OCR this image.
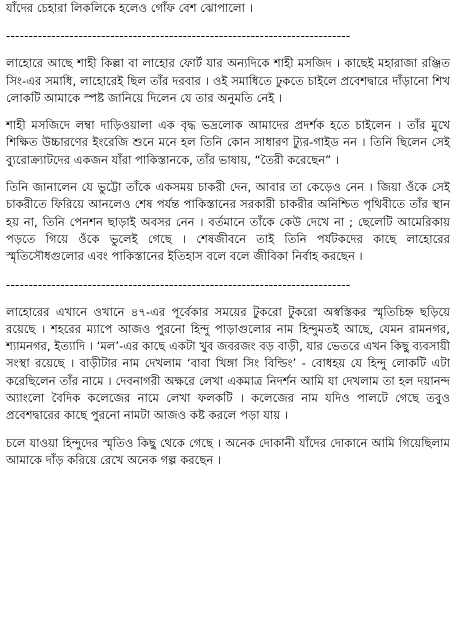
যাঁদের চেহারা লিকলিকে হলেও গোঁফ বেশ ঝোপালো ।

----------------------------------------------------------------------------

লাহোরে আছে শাহী কিল্লা বা লাহোর ফোর্ট যার অন্যদিকে শাহী মসজিদ । কাছেই মহারাজা রঞ্জিত সিং-এর সমাধি, লাহোরেই ছিল তাঁর দরবার । ওই সমাধিতে ঢুকতে চাইলে প্রবেশদ্বারে দাঁড়ানো শিখ লোকটি আমাকে স্পষ্ট জানিয়ে দিলেন যে তার অনুমতি নেই ।

শাহী মসজিদে লম্বা দাড়িওয়ালা এক বৃদ্ধ ভদ্রলোক আমাদের প্রদর্শক হতে চাইলেন । তাঁর মুখে শিক্ষিত উচ্চারণের ইংরেজি শুনে মনে হল তিনি কোন সাধারণ ট্যুর-গাইড নন । তিনি ছিলেন সেই ব্যুরোক্র্যাটদের একজন যাঁরা পাকিস্তানকে, তাঁর ভাষায়, “তৈরী করেছেন” ।

তিনি জানালেন যে ভুট্টো তাঁকে একসময় চাকরী দেন, আবার তা কেড়েও নেন । জিয়া ওঁকে সেই চাকরীতে ফিরিয়ে আনলেও শেষ পর্যন্ত পাকিস্তানের সরকারী চাকরীর অনিশ্চিত পৃথিবীতে তাঁর স্থান হয় না, তিনি পেনশন ছাড়াই অবসর নেন । বর্তমানে তাঁকে কেউ দেখে না ; ছেলেটি আমেরিকায় পড়তে গিয়ে ওঁকে ভুলেই গেছে । শেষজীবনে তাই তিনি পর্যটকদের কাছে লাহোরের স্মৃতিসৌধগুলোর এবং পাকিস্তানের ইতিহাস বলে বলে জীবিকা নির্বাহ করছেন ।

----------------------------------------------------------------------------

লাহোরের এখানে ওখানে ৪৭-এর পূর্বেকার সময়ের টুকরো টুকরো অস্বস্তিকর স্মৃতিচিহ্ন ছড়িয়ে রয়েছে । শহরের ম্যাপে আজও পুরনো হিন্দু পাড়াগুলোর নাম হিন্দুমতই আছে, যেমন রামনগর, শ্যামনগর, ইত্যাদি । ‘মল’-এর কাছে একটা খুব জবরজং বড় বাড়ী, যার ভেতরে এখন কিছু ব্যবসায়ী সংস্থা রয়েছে । বাড়ীটার নাম দেখলাম ‘বাবা খিঙ্গা সিং বিল্ডিং’ - বোধহয় যে হিন্দু লোকটি এটা করেছিলেন তাঁর নামে । দেবনাগরী অক্ষরে লেখা একমাত্র নিদর্শন আমি যা দেখলাম তা হল দয়ানন্দ অ্যাংলো বৈদিক কলেজের নামে লেখা ফলকটি । কলেজের নাম যদিও পালটে গেছে তবুও প্রবেশদ্বারের কাছে পুরনো নামটা আজও কষ্ট করলে পড়া যায় ।

চলে যাওয়া হিন্দুদের স্মৃতিও কিছু থেকে গেছে । অনেক দোকানী যাঁদের দোকানে আমি গিয়েছিলাম আমাকে দাঁড় করিয়ে রেখে অনেক গল্প করছেন ।
